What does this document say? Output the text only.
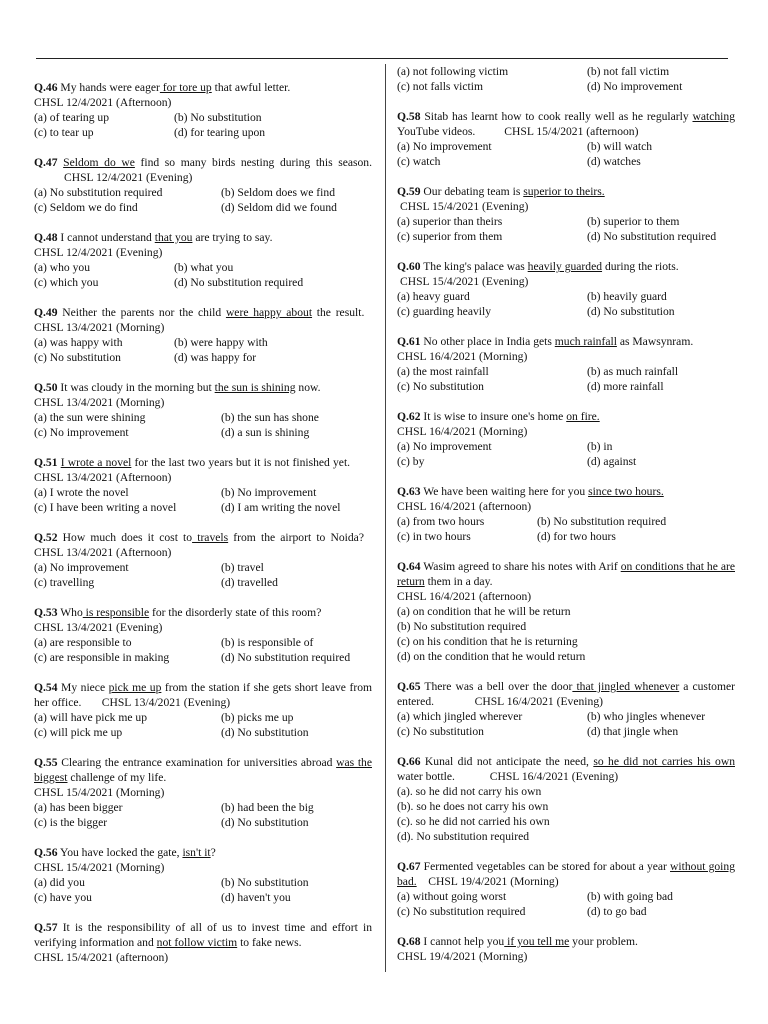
Q.46 My hands were eager for tore up that awful letter.
CHSL 12/4/2021 (Afternoon)
(a) of tearing up	(b) No substitution
(c) to tear up	(d) for tearing upon
Q.47 Seldom do we find so many birds nesting during this season. CHSL 12/4/2021 (Evening)
(a) No substitution required	(b) Seldom does we find
(c) Seldom we do find	(d) Seldom did we found
Q.48 I cannot understand that you are trying to say.
CHSL 12/4/2021 (Evening)
(a) who you	(b) what you
(c) which you	(d) No substitution required
Q.49 Neither the parents nor the child were happy about the result.   CHSL 13/4/2021 (Morning)
(a) was happy with	(b) were happy with
(c) No substitution	(d) was happy for
Q.50 It was cloudy in the morning but the sun is shining now.
CHSL 13/4/2021 (Morning)
(a) the sun were shining	(b) the sun has shone
(c) No improvement	(d) a sun is shining
Q.51 I wrote a novel for the last two years but it is not finished yet.        CHSL 13/4/2021 (Afternoon)
(a) I wrote the novel	(b) No improvement
(c) I have been writing a novel	(d) I am writing the novel
Q.52 How much does it cost to travels from the airport to Noida?   CHSL 13/4/2021 (Afternoon)
(a) No improvement	(b) travel
(c) travelling	(d) travelled
Q.53 Who is responsible for the disorderly state of this room?
CHSL 13/4/2021 (Evening)
(a) are responsible to	(b) is responsible of
(c) are responsible in making	(d) No substitution required
Q.54 My niece pick me up from the station if she gets short leave from her office. CHSL 13/4/2021 (Evening)
(a) will have pick me up	(b) picks me up
(c) will pick me up	(d) No substitution
Q.55 Clearing the entrance examination for universities abroad was the biggest challenge of my life.
CHSL 15/4/2021 (Morning)
(a) has been bigger	(b) had been the big
(c) is the bigger	(d) No substitution
Q.56 You have locked the gate, isn't it?
CHSL 15/4/2021 (Morning)
(a) did you	(b) No substitution
(c) have you	(d) haven't you
Q.57 It is the responsibility of all of us to invest time and effort in verifying information and not follow victim to fake news.
CHSL 15/4/2021 (afternoon)
(a) not following victim	(b) not fall victim
(c) not falls victim	(d) No improvement
Q.58 Sitab has learnt how to cook really well as he regularly watching YouTube videos. CHSL 15/4/2021 (afternoon)
(a) No improvement	(b) will watch
(c) watch	(d) watches
Q.59 Our debating team is superior to theirs.
CHSL 15/4/2021 (Evening)
(a) superior than theirs	(b) superior to them
(c) superior from them	(d) No substitution required
Q.60 The king's palace was heavily guarded during the riots.
CHSL 15/4/2021 (Evening)
(a) heavy guard	(b) heavily guard
(c) guarding heavily	(d) No substitution
Q.61 No other place in India gets much rainfall as Mawsynram.
CHSL 16/4/2021 (Morning)
(a) the most rainfall	(b) as much rainfall
(c) No substitution	(d) more rainfall
Q.62 It is wise to insure one's home on fire.
CHSL 16/4/2021 (Morning)
(a) No improvement	(b) in
(c) by	(d) against
Q.63 We have been waiting here for you since two hours.
CHSL 16/4/2021 (afternoon)
(a) from two hours	(b) No substitution required
(c) in two hours	(d) for two hours
Q.64 Wasim agreed to share his notes with Arif on conditions that he are return them in a day.
CHSL 16/4/2021 (afternoon)
(a) on condition that he will be return
(b) No substitution required
(c) on his condition that he is returning
(d) on the condition that he would return
Q.65 There was a bell over the door that jingled whenever a customer entered.	CHSL 16/4/2021 (Evening)
(a) which jingled wherever	(b) who jingles whenever
(c) No substitution	(d) that jingle when
Q.66 Kunal did not anticipate the need, so he did not carries his own water bottle.	CHSL 16/4/2021 (Evening)
(a). so he did not carry his own
(b). so he does not carry his own
(c). so he did not carried his own
(d). No substitution required
Q.67 Fermented vegetables can be stored for about a year without going bad. CHSL 19/4/2021 (Morning)
(a) without going worst	(b) with going bad
(c) No substitution required	(d) to go bad
Q.68 I cannot help you if you tell me your problem.
CHSL 19/4/2021 (Morning)
